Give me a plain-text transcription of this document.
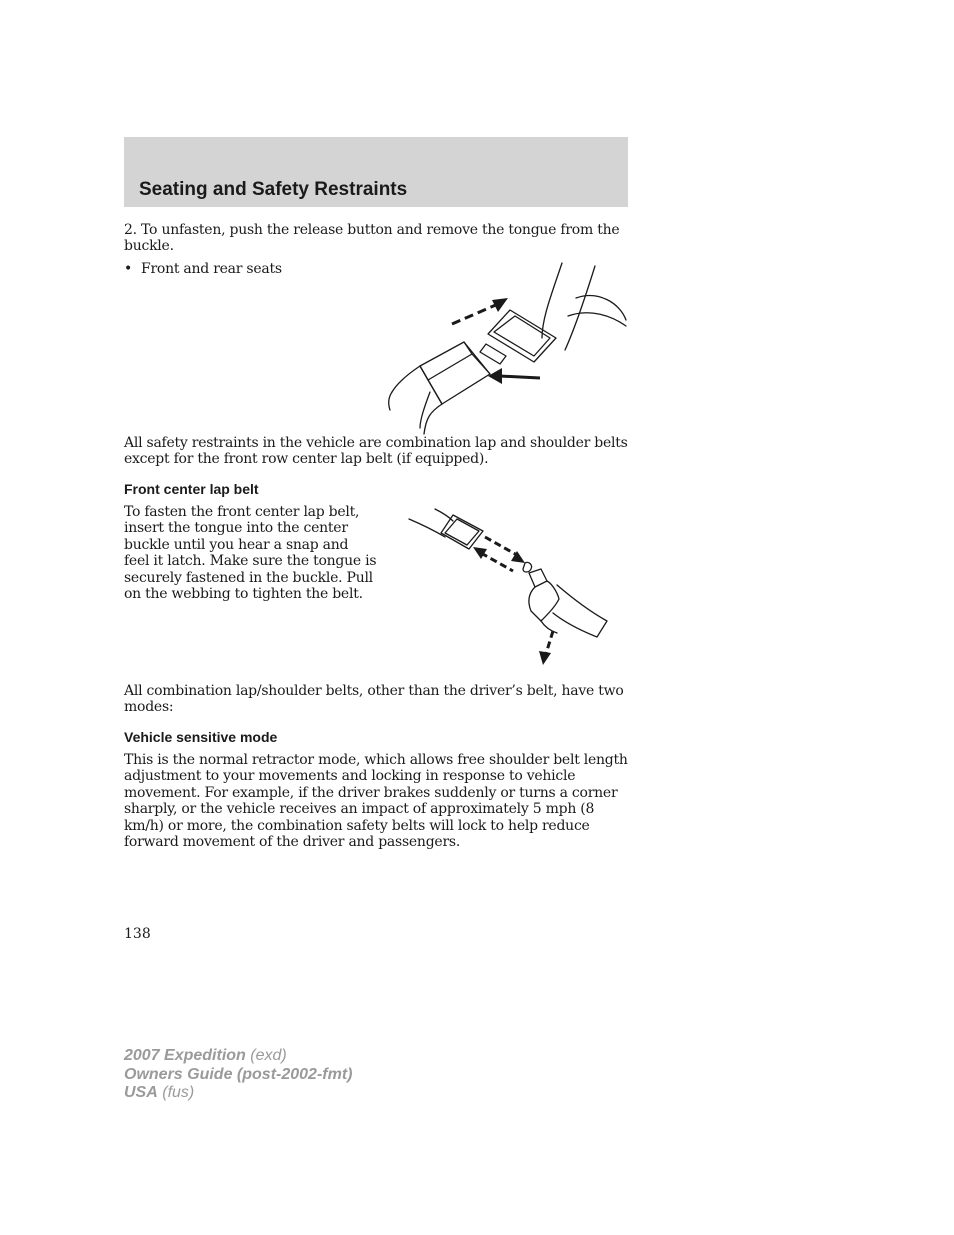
Seating and Safety Restraints

2. To unfasten, push the release button and remove the tongue from the buckle.

• Front and rear seats

All safety restraints in the vehicle are combination lap and shoulder belts except for the front row center lap belt (if equipped).

Front center lap belt
To fasten the front center lap belt,
insert the tongue into the center
buckle until you hear a snap and
feel it latch. Make sure the tongue is
securely fastened in the buckle. Pull
on the webbing to tighten the belt.

All combination lap/shoulder belts, other than the driver’s belt, have two modes:

Vehicle sensitive mode

This is the normal retractor mode, which allows free shoulder belt length adjustment to your movements and locking in response to vehicle movement. For example, if the driver brakes suddenly or turns a corner sharply, or the vehicle receives an impact of approximately 5 mph (8 km/h) or more, the combination safety belts will lock to help reduce forward movement of the driver and passengers.

138
2007 Expedition (exd)
Owners Guide (post-2002-fmt)
USA (fus)
